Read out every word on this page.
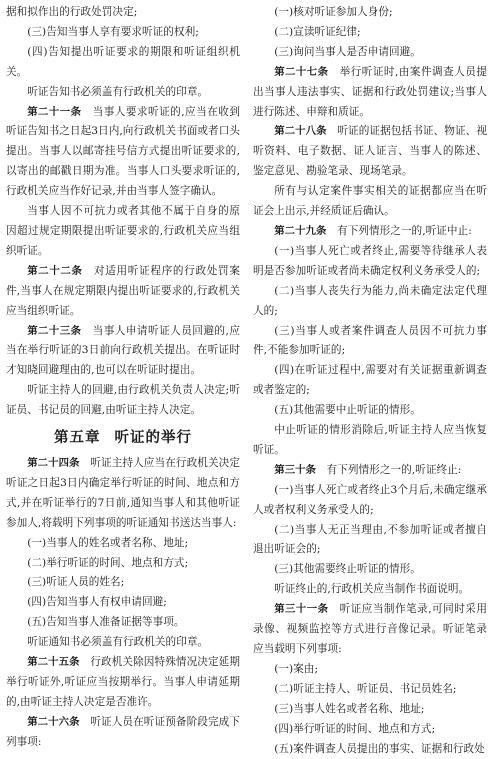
据和拟作出的行政处罚决定;

(三)告知当事人享有要求听证的权利;

(四)告知提出听证要求的期限和听证组织机关。

听证告知书必须盖有行政机关的印章。

第二十一条　 当事人要求听证的,应当在收到听证告知书之日起3日内,向行政机关书面或者口头提出。当事人以邮寄挂号信方式提出听证要求的,以寄出的邮戳日期为准。当事人口头要求听证的,行政机关应当作好记录,并由当事人签字确认。

当事人因不可抗力或者其他不属于自身的原因超过规定期限提出听证要求的,行政机关应当组织听证。

第二十二条　 对适用听证程序的行政处罚案件,当事人在规定期限内提出听证要求的,行政机关应当组织听证。

第二十三条　 当事人申请听证人员回避的,应当在举行听证的3日前向行政机关提出。在听证时才知晓回避理由的,也可以在听证时提出。

听证主持人的回避,由行政机关负责人决定;听证员、书记员的回避,由听证主持人决定。

第五章 听证的举行

第二十四条　 听证主持人应当在行政机关决定听证之日起3日内确定举行听证的时间、地点和方式,并在听证举行的7日前,通知当事人和其他听证参加人,将载明下列事项的听证通知书送达当事人:

(一)当事人的姓名或者名称、地址;

(二)举行听证的时间、地点和方式;

(三)听证人员的姓名;

(四)告知当事人有权申请回避;

(五)告知当事人准备证据等事项。

听证通知书必须盖有行政机关的印章。

第二十五条　 行政机关除因特殊情况决定延期举行听证外,听证应当按期举行。当事人申请延期的,由听证主持人决定是否准许。

第二十六条　 听证人员在听证预备阶段完成下列事项:

(一)核对听证参加人身份;

(二)宣读听证纪律;

(三)询问当事人是否申请回避。

第二十七条　 举行听证时,由案件调查人员提出当事人违法事实、证据和行政处罚建议;当事人进行陈述、申辩和质证。

第二十八条　 听证的证据包括书证、物证、视听资料、电子数据、证人证言、当事人的陈述、鉴定意见、勘验笔录、现场笔录。

所有与认定案件事实相关的证据都应当在听证会上出示,并经质证后确认。

第二十九条　 有下列情形之一的,听证中止:

(一)当事人死亡或者终止,需要等待继承人表明是否参加听证或者尚未确定权利义务承受人的;

(二)当事人丧失行为能力,尚未确定法定代理人的;

(三)当事人或者案件调查人员因不可抗力事件,不能参加听证的;

(四)在听证过程中,需要对有关证据重新调查或者鉴定的;

(五)其他需要中止听证的情形。

中止听证的情形消除后,听证主持人应当恢复听证。

第三十条　 有下列情形之一的,听证终止:

(一)当事人死亡或者终止3个月后,未确定继承人或者权利义务承受人的;

(二)当事人无正当理由,不参加听证或者擅自退出听证会的;

(三)其他需要终止听证的情形。

听证终止的,行政机关应当制作书面说明。

第三十一条　 听证应当制作笔录,可同时采用录像、视频监控等方式进行音像记录。听证笔录应当载明下列事项:

(一)案由;

(二)听证主持人、听证员、书记员姓名;

(三)当事人姓名或者名称、地址;

(四)举行听证的时间、地点和方式;

(五)案件调查人员提出的事实、证据和行政处
